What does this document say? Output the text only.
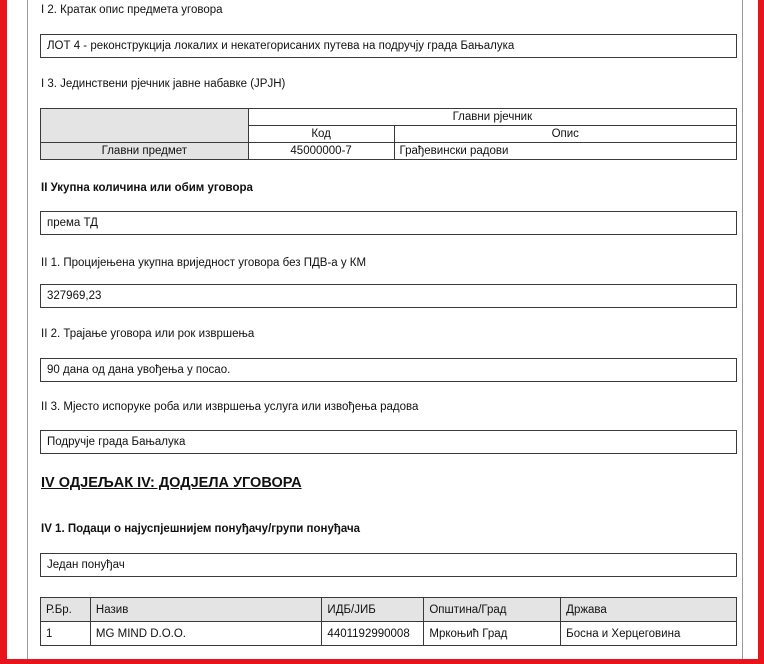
I 2. Кратак опис предмета уговора
ЛОТ 4 - реконструкција локалих и некатегорисаних путева на подручју града Бањалука
I 3. Јединствени рјечник јавне набавке (ЈРЈН)
	Главни рјечник	
	Код	Опис
Главни предмет	45000000-7	Грађевински радови
II Укупна количина или обим уговора
према ТД
II 1. Процијењена укупна вриједност уговора без ПДВ-а у КМ
327969,23
II 2. Трајање уговора или рок извршења
90 дана од дана увођења у посао.
II 3. Мјесто испоруке роба или извршења услуга или извођења радова
Подручје града Бањалука
IV ОДЈЕЉАК IV: ДОДЈЕЛА УГОВОРА
IV 1. Подаци о најуспјешнијем понуђачу/групи понуђача
Један понуђач
Р.Бр.	Назив	ИДБ/ЈИБ	Општина/Град	Држава
1	MG MIND D.O.O.	4401192990008	Мркоњић Град	Босна и Херцеговина
